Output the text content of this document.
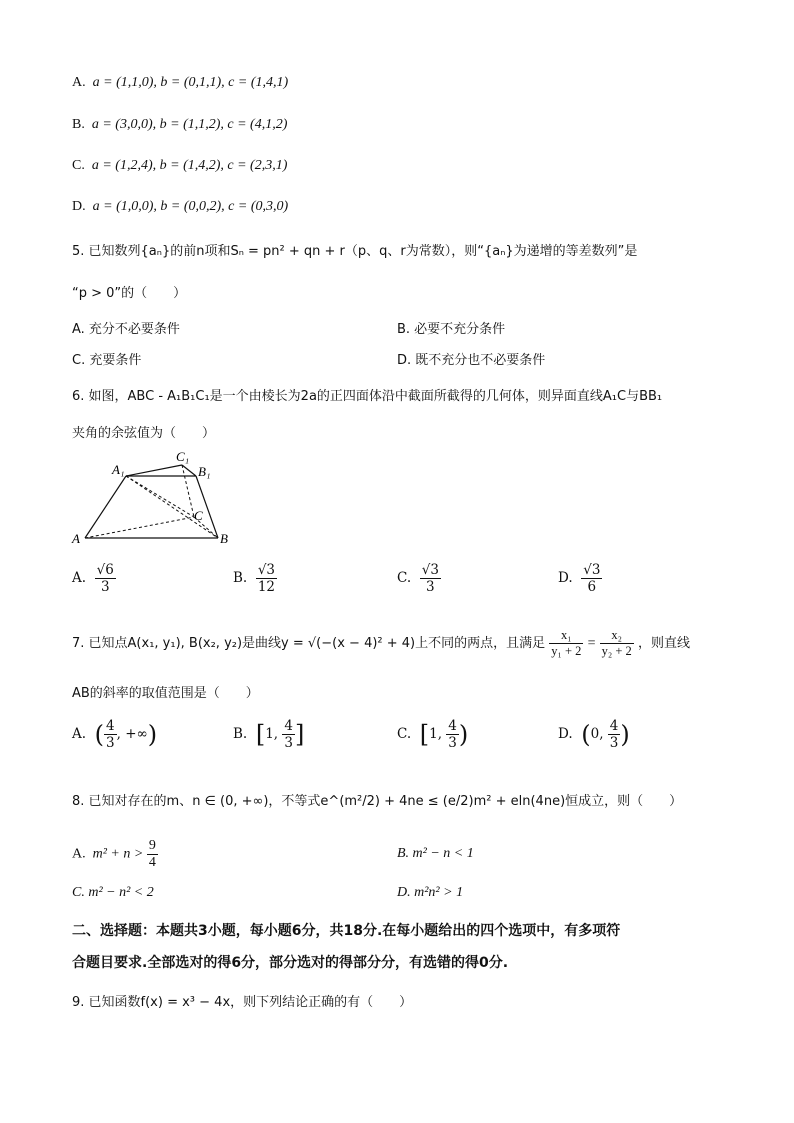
A. a = (1,1,0), b = (0,1,1), c = (1,4,1)
B. a = (3,0,0), b = (1,1,2), c = (4,1,2)
C. a = (1,2,4), b = (1,4,2), c = (2,3,1)
D. a = (1,0,0), b = (0,0,2), c = (0,3,0)
5. 已知数列{aₙ}的前n项和Sₙ = pn² + qn + r（p、q、r为常数），则“{aₙ}为递增的等差数列”是
“p > 0”的（　　）
A. 充分不必要条件	B. 必要不充分条件
C. 充要条件	D. 既不充分也不必要条件
6. 如图，ABC - A₁B₁C₁是一个由棱长为2a的正四面体沿中截面所截得的几何体，则异面直线A₁C与BB₁
夹角的余弦值为（　　）
A₁
C₁
B₁
C
A	B
A. $\frac{√6}{3}$	B. $\frac{√3}{12}$	C. $\frac{√3}{3}$	D. $\frac{√3}{6}$
7. 已知点A(x₁, y₁), B(x₂, y₂)是曲线y = √(−(x − 4)² + 4)上不同的两点，且满足 $\frac{\text{x₁}}{\text{y₁ + 2}} = \frac{\text{x₂}}{\text{y₂ + 2}}$ ，则直线
AB的斜率的取值范围是（　　）
A. ( $\frac{4}{3}$ , +∞)	B. [1, $\frac{4}{3}$ ]	C. [1, $\frac{4}{3}$ )	D. (0, $\frac{4}{3}$ )
8. 已知对存在的m、n ∈ (0, +∞)，不等式e^(m²/2) + 4ne ≤ (e/2)m² + eln(4ne)恒成立，则（　　）
A. $m^2 + n > \frac{9}{4}$	B. m² − n < 1
C. m² − n² < 2	D. m²n² > 1
二、选择题：本题共3小题，每小题6分，共18分.在每小题给出的四个选项中，有多项符
合题目要求.全部选对的得6分，部分选对的得部分分，有选错的得0分.
9. 已知函数f(x) = x³ − 4x，则下列结论正确的有（　　）
